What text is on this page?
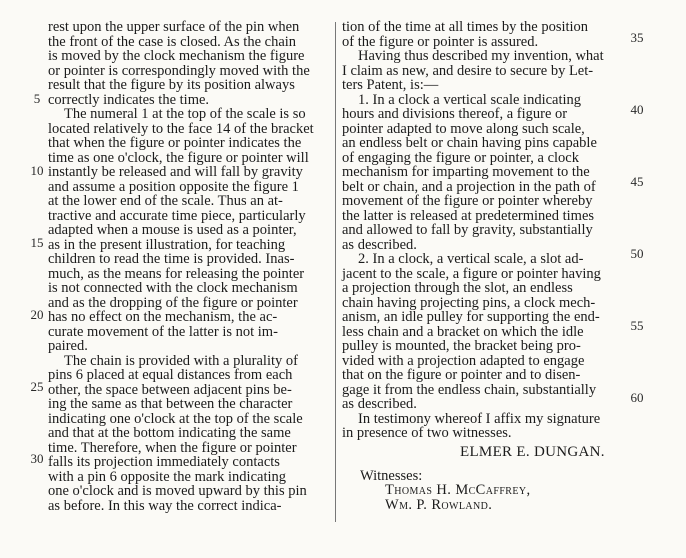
rest upon the upper surface of the pin when
the front of the case is closed. As the chain
is moved by the clock mechanism the figure
or pointer is correspondingly moved with the
result that the figure by its position always
correctly indicates the time.
The numeral 1 at the top of the scale is so
located relatively to the face 14 of the bracket
that when the figure or pointer indicates the
time as one o'clock, the figure or pointer will
instantly be released and will fall by gravity
and assume a position opposite the figure 1
at the lower end of the scale. Thus an at-
tractive and accurate time piece, particularly
adapted when a mouse is used as a pointer,
as in the present illustration, for teaching
children to read the time is provided. Inas-
much, as the means for releasing the pointer
is not connected with the clock mechanism
and as the dropping of the figure or pointer
has no effect on the mechanism, the ac-
curate movement of the latter is not im-
paired.
The chain is provided with a plurality of
pins 6 placed at equal distances from each
other, the space between adjacent pins be-
ing the same as that between the character
indicating one o'clock at the top of the scale
and that at the bottom indicating the same
time. Therefore, when the figure or pointer
falls its projection immediately contacts
with a pin 6 opposite the mark indicating
one o'clock and is moved upward by this pin
as before. In this way the correct indica-
tion of the time at all times by the position
of the figure or pointer is assured.
Having thus described my invention, what
I claim as new, and desire to secure by Let-
ters Patent, is:—
1. In a clock a vertical scale indicating
hours and divisions thereof, a figure or
pointer adapted to move along such scale,
an endless belt or chain having pins capable
of engaging the figure or pointer, a clock
mechanism for imparting movement to the
belt or chain, and a projection in the path of
movement of the figure or pointer whereby
the latter is released at predetermined times
and allowed to fall by gravity, substantially
as described.
2. In a clock, a vertical scale, a slot ad-
jacent to the scale, a figure or pointer having
a projection through the slot, an endless
chain having projecting pins, a clock mech-
anism, an idle pulley for supporting the end-
less chain and a bracket on which the idle
pulley is mounted, the bracket being pro-
vided with a projection adapted to engage
that on the figure or pointer and to disen-
gage it from the endless chain, substantially
as described.
In testimony whereof I affix my signature
in presence of two witnesses.
5
10
15
20
25
30
35
40
45
50
55
60
ELMER E. DUNGAN.
Witnesses:
Thomas H. McCaffrey,
Wm. P. Rowland.
